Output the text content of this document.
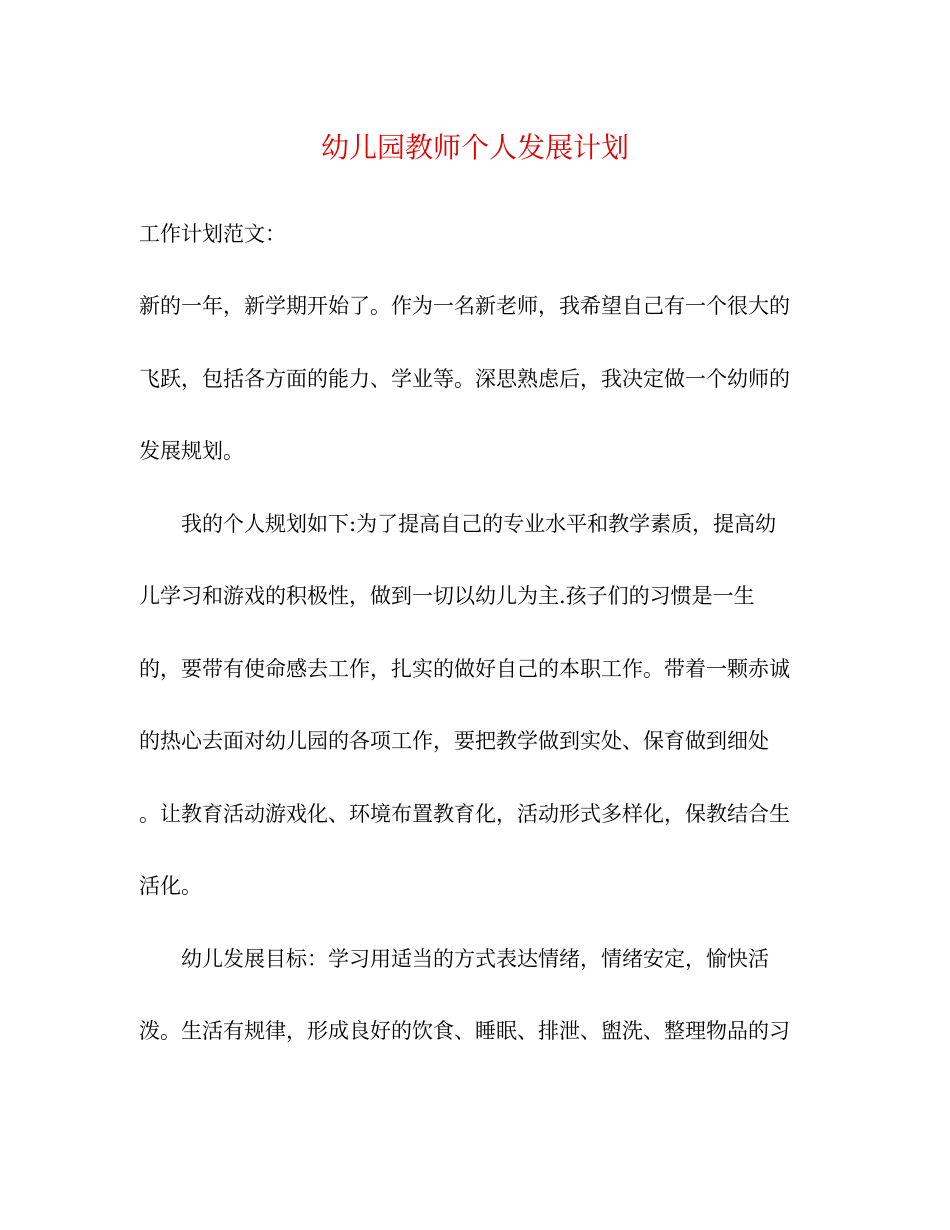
幼儿园教师个人发展计划

工作计划范文：

新的一年，新学期开始了。作为一名新老师，我希望自己有一个很大的

飞跃，包括各方面的能力、学业等。深思熟虑后，我决定做一个幼师的

发展规划。

我的个人规划如下:为了提高自己的专业水平和教学素质，提高幼

儿学习和游戏的积极性，做到一切以幼儿为主.孩子们的习惯是一生

的，要带有使命感去工作，扎实的做好自己的本职工作。带着一颗赤诚

的热心去面对幼儿园的各项工作，要把教学做到实处、保育做到细处

。让教育活动游戏化、环境布置教育化，活动形式多样化，保教结合生

活化。

幼儿发展目标：学习用适当的方式表达情绪，情绪安定，愉快活

泼。生活有规律，形成良好的饮食、睡眠、排泄、盥洗、整理物品的习
